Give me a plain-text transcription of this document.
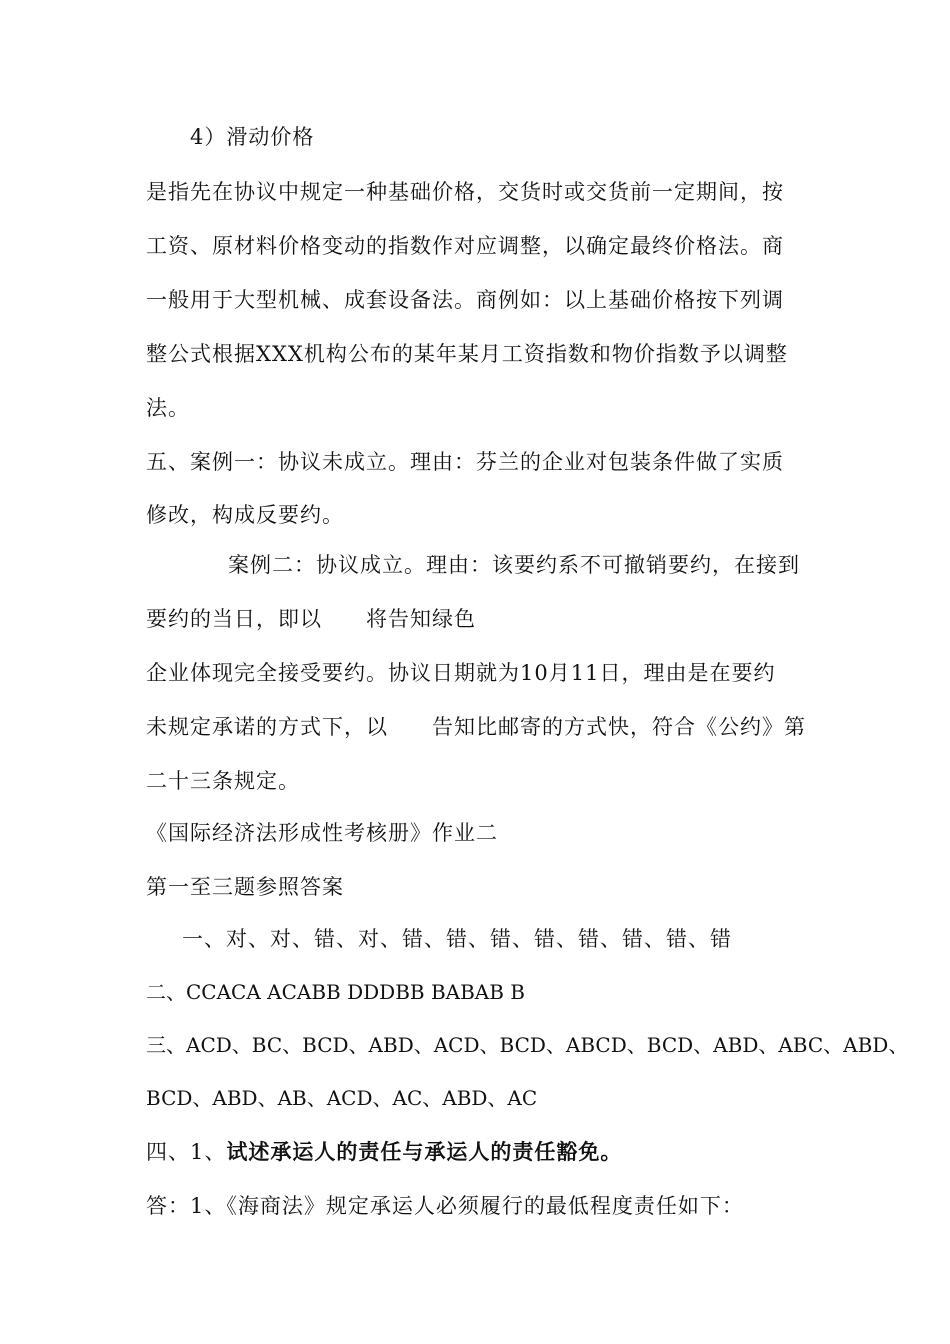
4）滑动价格
是指先在协议中规定一种基础价格，交货时或交货前一定期间，按
工资、原材料价格变动的指数作对应调整，以确定最终价格法。商
一般用于大型机械、成套设备法。商例如：以上基础价格按下列调
整公式根据XXX机构公布的某年某月工资指数和物价指数予以调整
法。
五、案例一：协议未成立。理由：芬兰的企业对包装条件做了实质
修改，构成反要约。
案例二：协议成立。理由：该要约系不可撤销要约，在接到
要约的当日，即以　　将告知绿色
企业体现完全接受要约。协议日期就为10月11日，理由是在要约
未规定承诺的方式下，以　　告知比邮寄的方式快，符合《公约》第
二十三条规定。
《国际经济法形成性考核册》作业二
第一至三题参照答案
一、对、对、错、对、错、错、错、错、错、错、错、错
二、CCACA ACABB DDDBB BABAB B
三、ACD、BC、BCD、ABD、ACD、BCD、ABCD、BCD、ABD、ABC、ABD、
BCD、ABD、AB、ACD、AC、ABD、AC
四、1、试述承运人的责任与承运人的责任豁免。
答：1、《海商法》规定承运人必须履行的最低程度责任如下：
